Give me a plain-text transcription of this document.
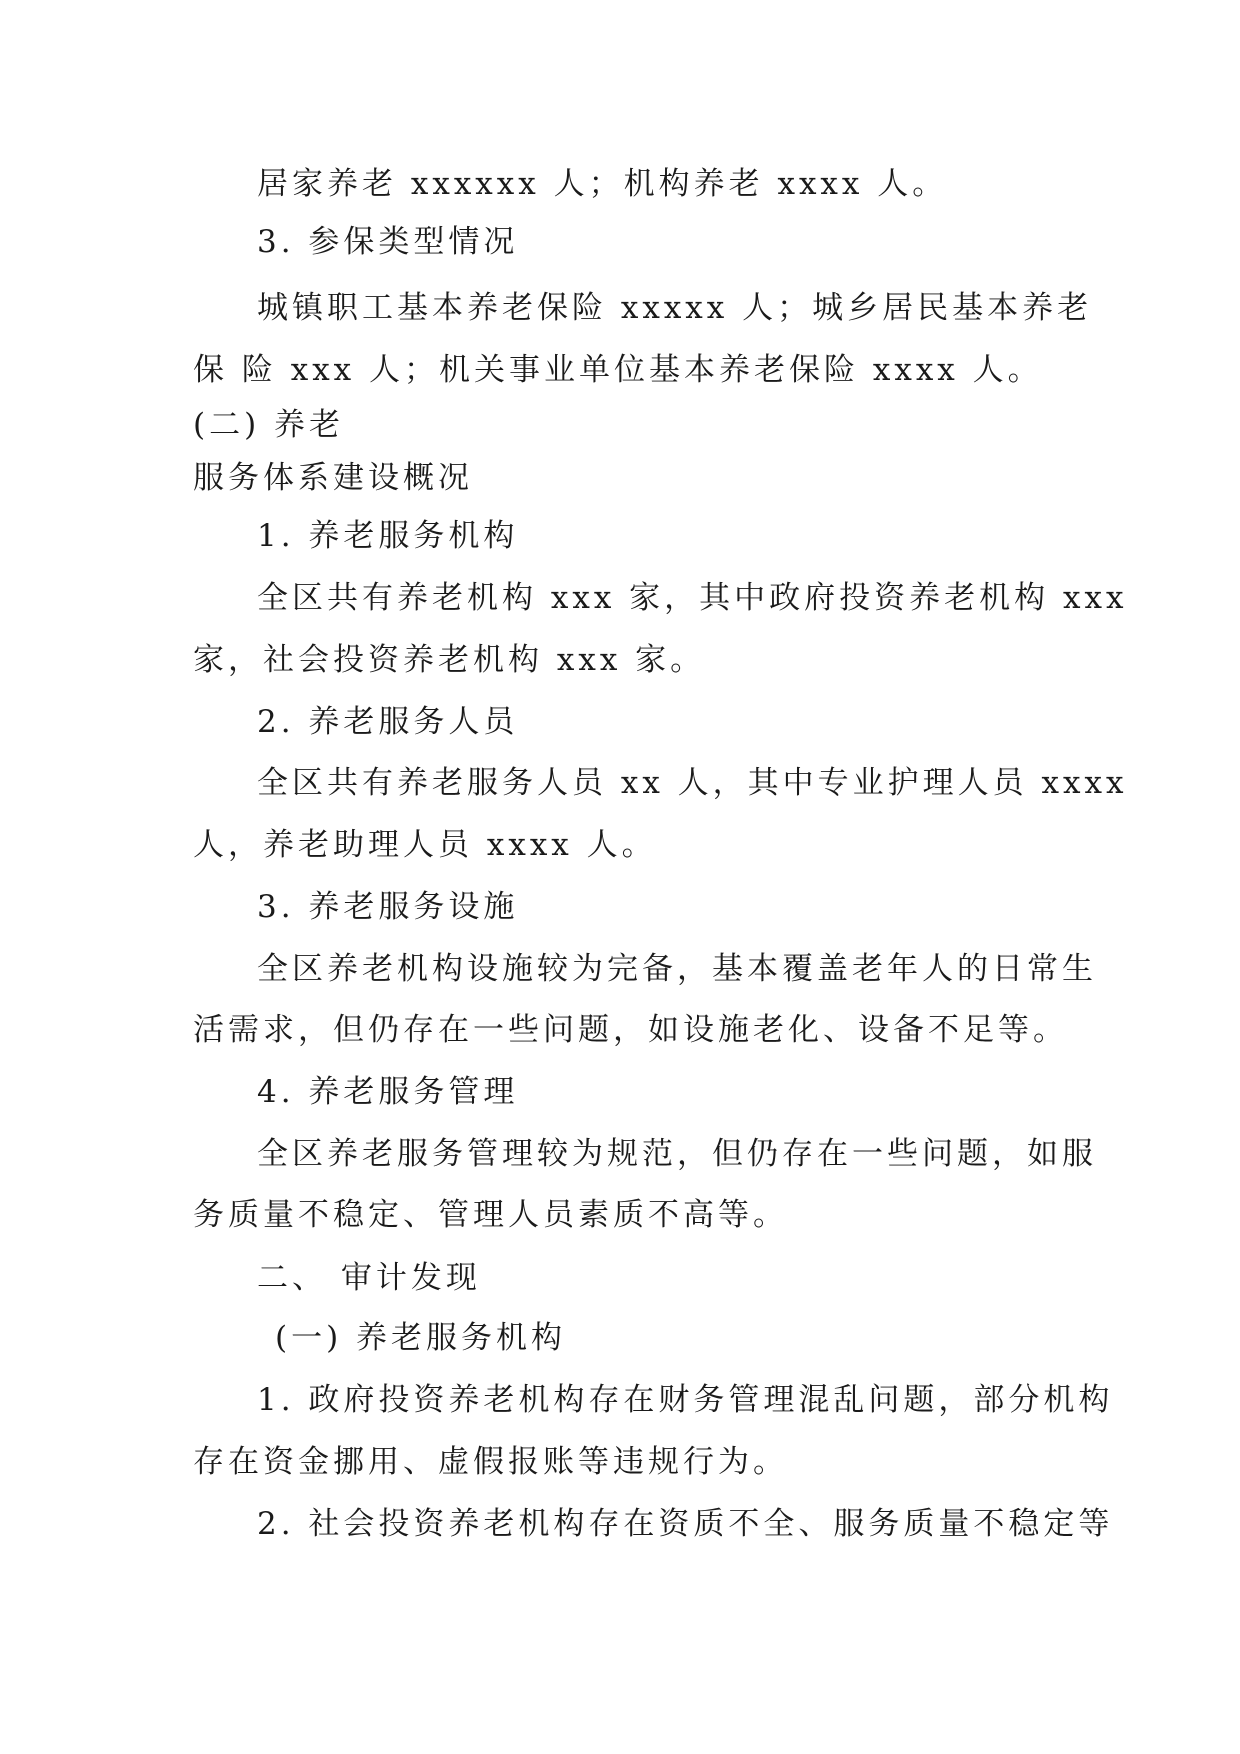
居家养老 xxxxxx 人；机构养老 xxxx 人。
3. 参保类型情况
城镇职工基本养老保险 xxxxx 人；城乡居民基本养老
保 险 xxx 人；机关事业单位基本养老保险 xxxx 人。
(二) 养老
服务体系建设概况
1. 养老服务机构
全区共有养老机构 xxx 家，其中政府投资养老机构 xxx
家，社会投资养老机构 xxx 家。
2. 养老服务人员
全区共有养老服务人员 xx 人，其中专业护理人员 xxxx
人，养老助理人员 xxxx 人。
3. 养老服务设施
全区养老机构设施较为完备，基本覆盖老年人的日常生
活需求，但仍存在一些问题，如设施老化、设备不足等。
4. 养老服务管理
全区养老服务管理较为规范，但仍存在一些问题，如服
务质量不稳定、管理人员素质不高等。
二、 审计发现
(一) 养老服务机构
1. 政府投资养老机构存在财务管理混乱问题，部分机构
存在资金挪用、虚假报账等违规行为。
2. 社会投资养老机构存在资质不全、服务质量不稳定等
